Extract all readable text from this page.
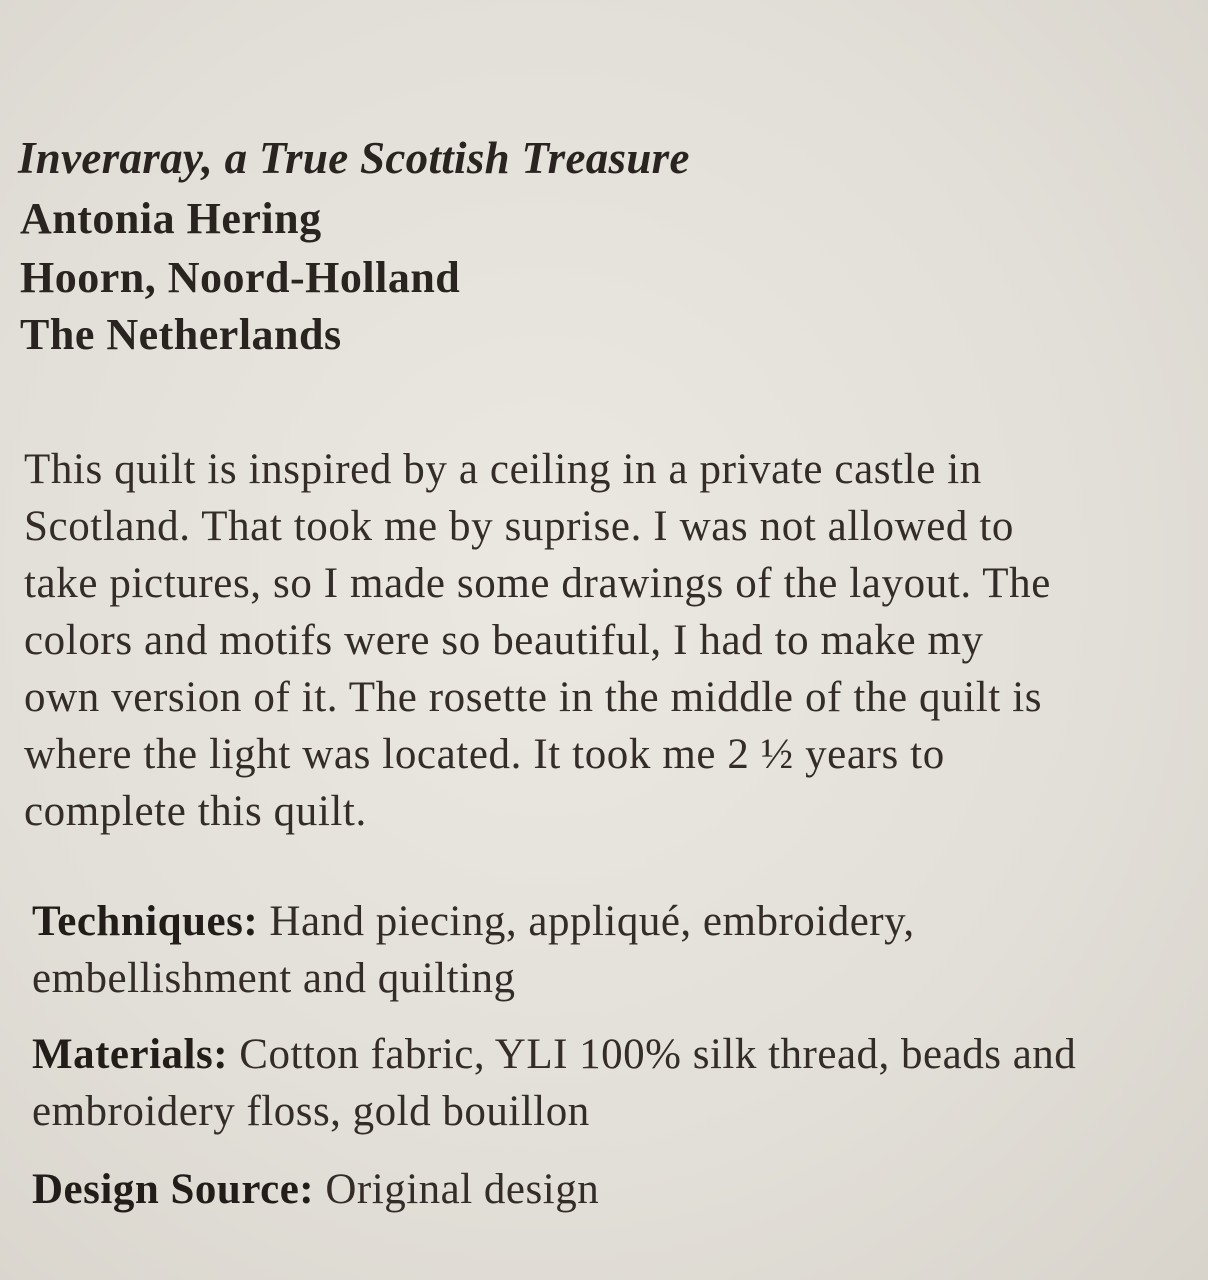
Inveraray, a True Scottish Treasure
Antonia Hering
Hoorn, Noord-Holland
The Netherlands
This quilt is inspired by a ceiling in a private castle in
Scotland. That took me by suprise. I was not allowed to
take pictures, so I made some drawings of the layout. The
colors and motifs were so beautiful, I had to make my
own version of it. The rosette in the middle of the quilt is
where the light was located. It took me 2 ½ years to
complete this quilt.
Techniques: Hand piecing, appliqué, embroidery,
embellishment and quilting
Materials: Cotton fabric, YLI 100% silk thread, beads and
embroidery floss, gold bouillon
Design Source: Original design
